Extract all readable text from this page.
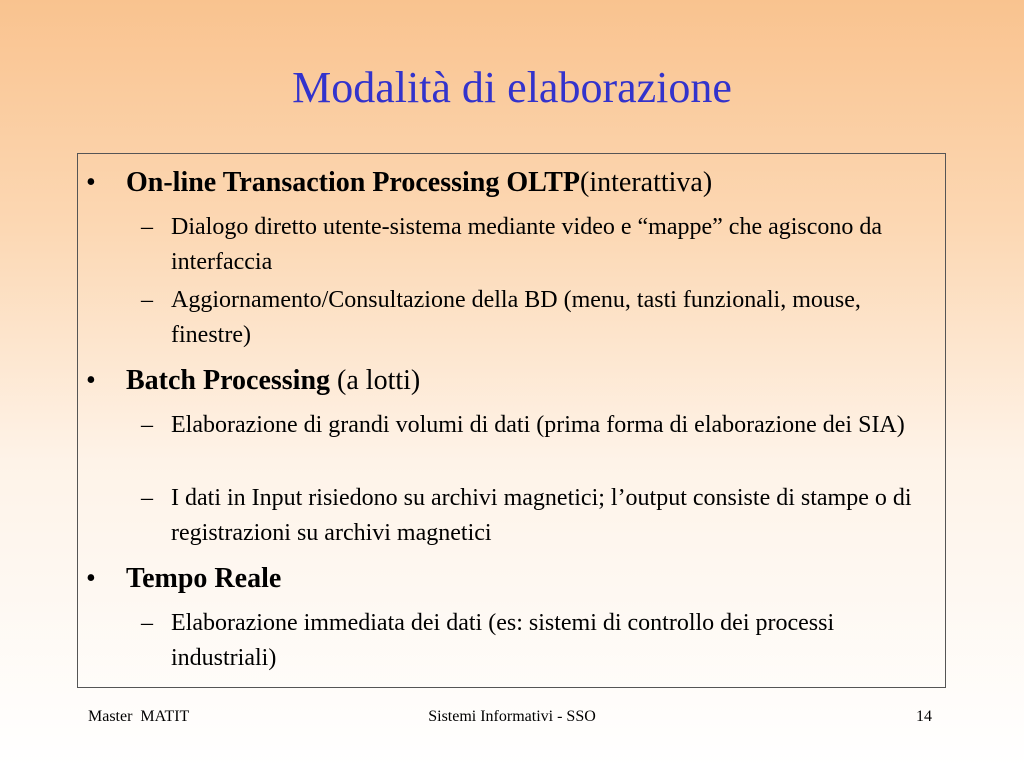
Modalità di elaborazione
• On-line Transaction Processing OLTP(interattiva)
– Dialogo diretto utente-sistema mediante video e “mappe” che agiscono da interfaccia
– Aggiornamento/Consultazione della BD (menu, tasti funzionali, mouse, finestre)
• Batch Processing (a lotti)
– Elaborazione di grandi volumi di dati (prima forma di elaborazione dei SIA)
– I dati in Input risiedono su archivi magnetici; l’output consiste di stampe o di registrazioni su archivi magnetici
• Tempo Reale
– Elaborazione immediata dei dati (es: sistemi di controllo dei processi industriali)
Master  MATIT	Sistemi Informativi - SSO	14
